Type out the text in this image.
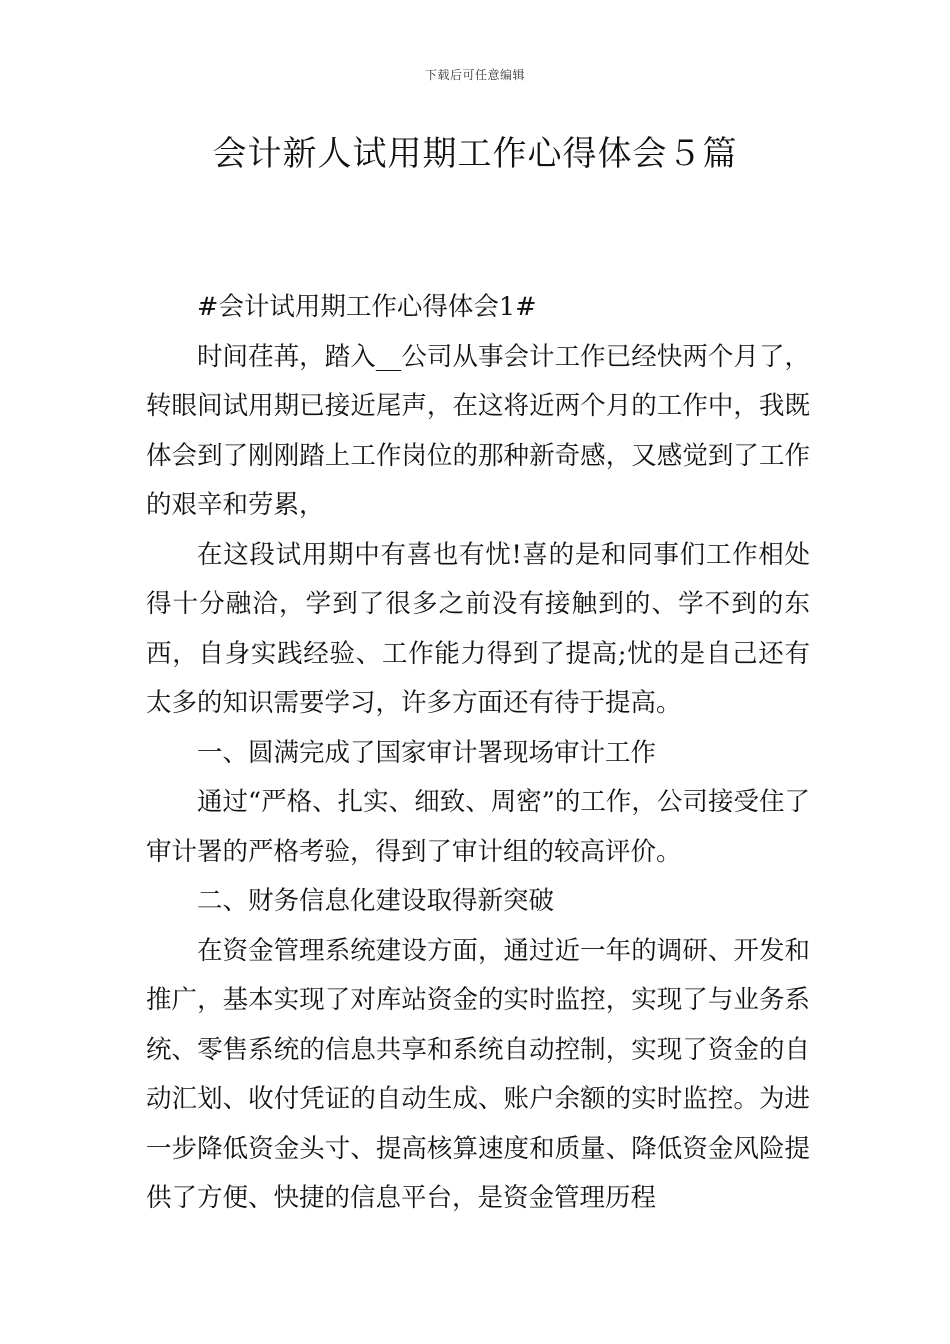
下载后可任意编辑
会计新人试用期工作心得体会５篇

#会计试用期工作心得体会1#

时间荏苒，踏入__公司从事会计工作已经快两个月了，转眼间试用期已接近尾声，在这将近两个月的工作中，我既体会到了刚刚踏上工作岗位的那种新奇感，又感觉到了工作的艰辛和劳累，

在这段试用期中有喜也有忧!喜的是和同事们工作相处得十分融洽，学到了很多之前没有接触到的、学不到的东西，自身实践经验、工作能力得到了提高;忧的是自己还有太多的知识需要学习，许多方面还有待于提高。

一、圆满完成了国家审计署现场审计工作

通过“严格、扎实、细致、周密”的工作，公司接受住了审计署的严格考验，得到了审计组的较高评价。

二、财务信息化建设取得新突破

在资金管理系统建设方面，通过近一年的调研、开发和推广，基本实现了对库站资金的实时监控，实现了与业务系统、零售系统的信息共享和系统自动控制，实现了资金的自动汇划、收付凭证的自动生成、账户余额的实时监控。为进一步降低资金头寸、提高核算速度和质量、降低资金风险提供了方便、快捷的信息平台，是资金管理历程
